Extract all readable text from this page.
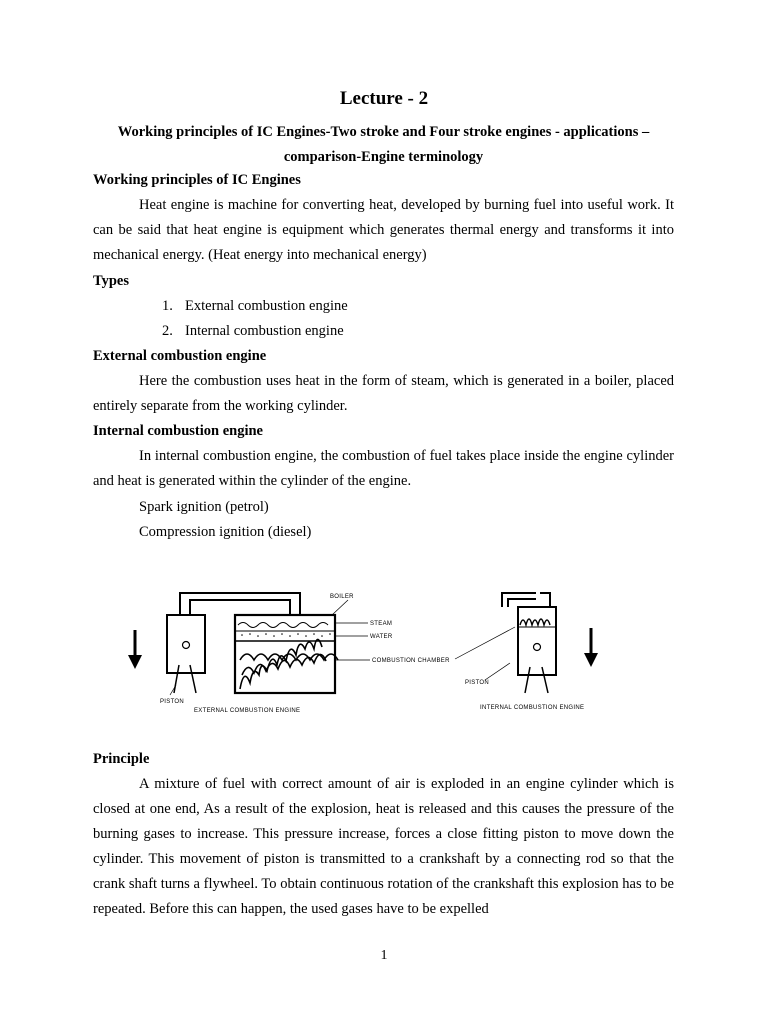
Lecture - 2

Working principles of IC Engines-Two stroke and Four stroke engines - applications – comparison-Engine terminology

Working principles of IC Engines

Heat engine is machine for converting heat, developed by burning fuel into useful work. It can be said that heat engine is equipment which generates thermal energy and transforms it into mechanical energy. (Heat energy into mechanical energy)

Types

1. External combustion engine

2. Internal combustion engine

External combustion engine

Here the combustion uses heat in the form of steam, which is generated in a boiler, placed entirely separate from the working cylinder.

Internal combustion engine

In internal combustion engine, the combustion of fuel takes place inside the engine cylinder and heat is generated within the cylinder of the engine.

Spark ignition (petrol)

Compression ignition (diesel)

BOILER
STEAM
WATER
COMBUSTION CHAMBER
PISTON
PISTON
EXTERNAL COMBUSTION ENGINE	INTERNAL COMBUSTION ENGINE

Principle

A mixture of fuel with correct amount of air is exploded in an engine cylinder which is closed at one end, As a result of the explosion, heat is released and this causes the pressure of the burning gases to increase. This pressure increase, forces a close fitting piston to move down the cylinder. This movement of piston is transmitted to a crankshaft by a connecting rod so that the crank shaft turns a flywheel. To obtain continuous rotation of the crankshaft this explosion has to be repeated. Before this can happen, the used gases have to be expelled

1
